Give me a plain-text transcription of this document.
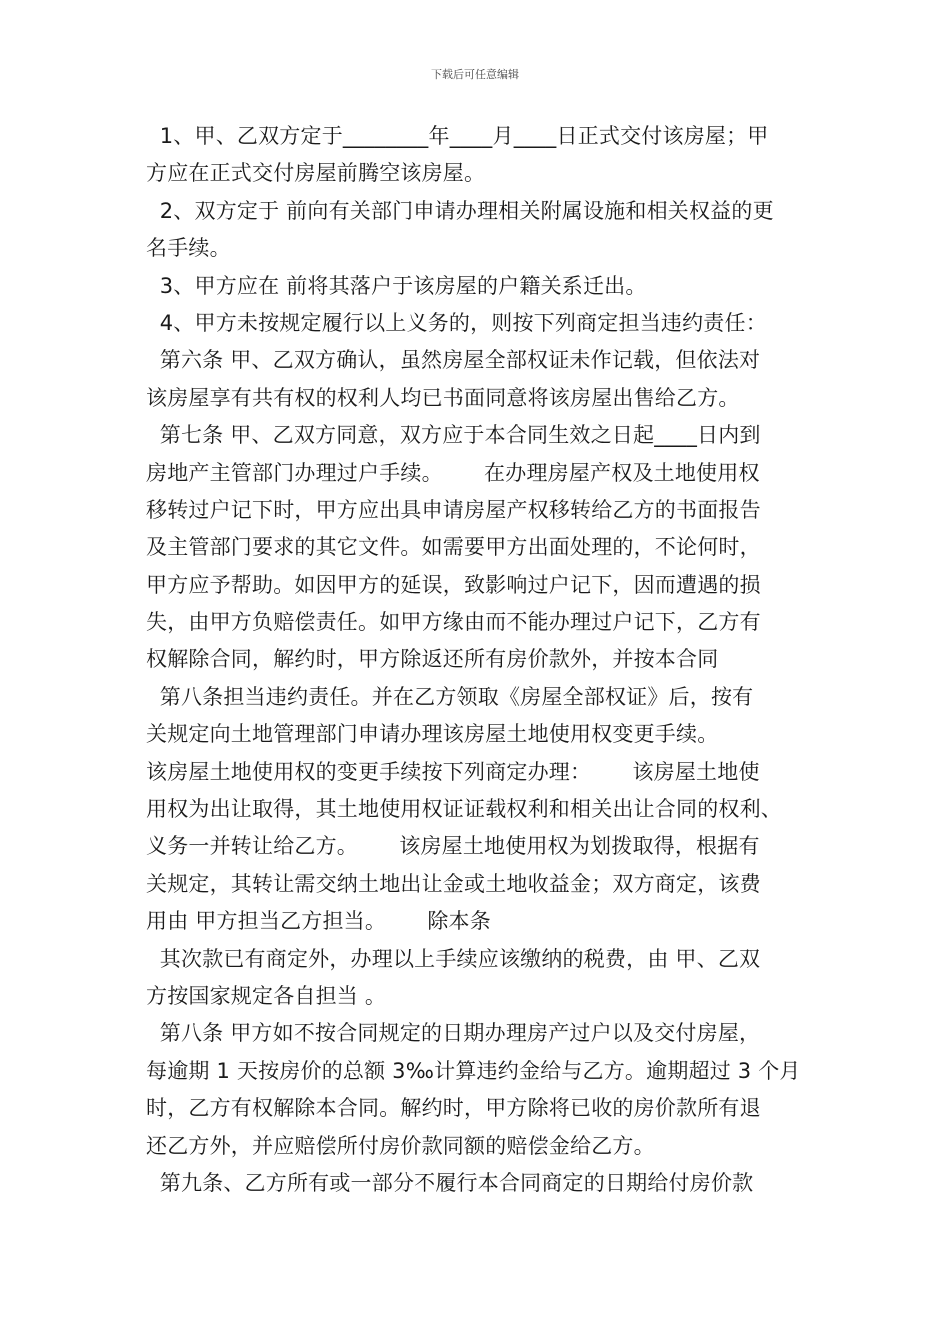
下载后可任意编辑
1、甲、乙双方定于________年____月____日正式交付该房屋；甲
方应在正式交付房屋前腾空该房屋。
2、双方定于 前向有关部门申请办理相关附属设施和相关权益的更
名手续。
3、甲方应在 前将其落户于该房屋的户籍关系迁出。
4、甲方未按规定履行以上义务的，则按下列商定担当违约责任：
第六条 甲、乙双方确认，虽然房屋全部权证未作记载，但依法对
该房屋享有共有权的权利人均已书面同意将该房屋出售给乙方。
第七条 甲、乙双方同意，双方应于本合同生效之日起____日内到
房地产主管部门办理过户手续。      在办理房屋产权及土地使用权
移转过户记下时，甲方应出具申请房屋产权移转给乙方的书面报告
及主管部门要求的其它文件。如需要甲方出面处理的，不论何时，
甲方应予帮助。如因甲方的延误，致影响过户记下，因而遭遇的损
失，由甲方负赔偿责任。如甲方缘由而不能办理过户记下，乙方有
权解除合同，解约时，甲方除返还所有房价款外，并按本合同
第八条担当违约责任。并在乙方领取《房屋全部权证》后，按有
关规定向土地管理部门申请办理该房屋土地使用权变更手续。
该房屋土地使用权的变更手续按下列商定办理：      该房屋土地使
用权为出让取得，其土地使用权证证载权利和相关出让合同的权利、
义务一并转让给乙方。      该房屋土地使用权为划拨取得，根据有
关规定，其转让需交纳土地出让金或土地收益金；双方商定，该费
用由 甲方担当乙方担当。      除本条
其次款已有商定外，办理以上手续应该缴纳的税费，由 甲、乙双
方按国家规定各自担当 。
第八条 甲方如不按合同规定的日期办理房产过户以及交付房屋，
每逾期 1 天按房价的总额 3‰计算违约金给与乙方。逾期超过 3 个月
时，乙方有权解除本合同。解约时，甲方除将已收的房价款所有退
还乙方外，并应赔偿所付房价款同额的赔偿金给乙方。
第九条、乙方所有或一部分不履行本合同商定的日期给付房价款
